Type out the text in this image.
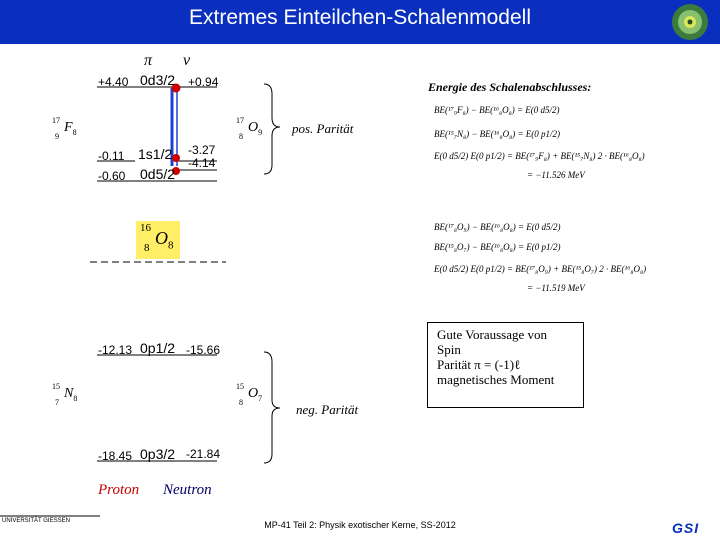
Extremes Einteilchen-Schalenmodell
π ν
+4.40 0d3/2 +0.94
-0.11 1s1/2 -3.27
-4.14
-0.60 0d5/2
17
9
$F_8$
17
8
$O_9$
16
8 $O_8$
15
7
$N_8$
15
8
$O_7$
pos. Parität
neg. Parität
-12.13 0p1/2 -15.66
-18.45 0p3/2 -21.84
Energie des Schalenabschlusses:
BE(¹⁷₉F₈) − BE(¹⁶₈O₈) = E(0 d5/2)
BE(¹⁵₇N₈) − BE(¹⁶₈O₈) = E(0 p1/2)
E(0 d5/2) E(0 p1/2) = BE(¹⁷₉F₈) + BE(¹⁵₇N₈) 2 · BE(¹⁶₈O₈)
= −11.526 MeV
BE(¹⁷₈O₉) − BE(¹⁶₈O₈) = E(0 d5/2)
BE(¹⁵₈O₇) − BE(¹⁶₈O₈) = E(0 p1/2)
E(0 d5/2) E(0 p1/2) = BE(¹⁷₈O₉) + BE(¹⁵₈O₇) 2 · BE(¹⁶₈O₈)
= −11.519 MeV
Gute Voraussage von
Spin
Parität π = (-1)ℓ
magnetisches Moment
Proton Neutron
UNIVERSITÄT GIESSEN	MP-41 Teil 2: Physik exotischer Kerne, SS-2012	GSI
